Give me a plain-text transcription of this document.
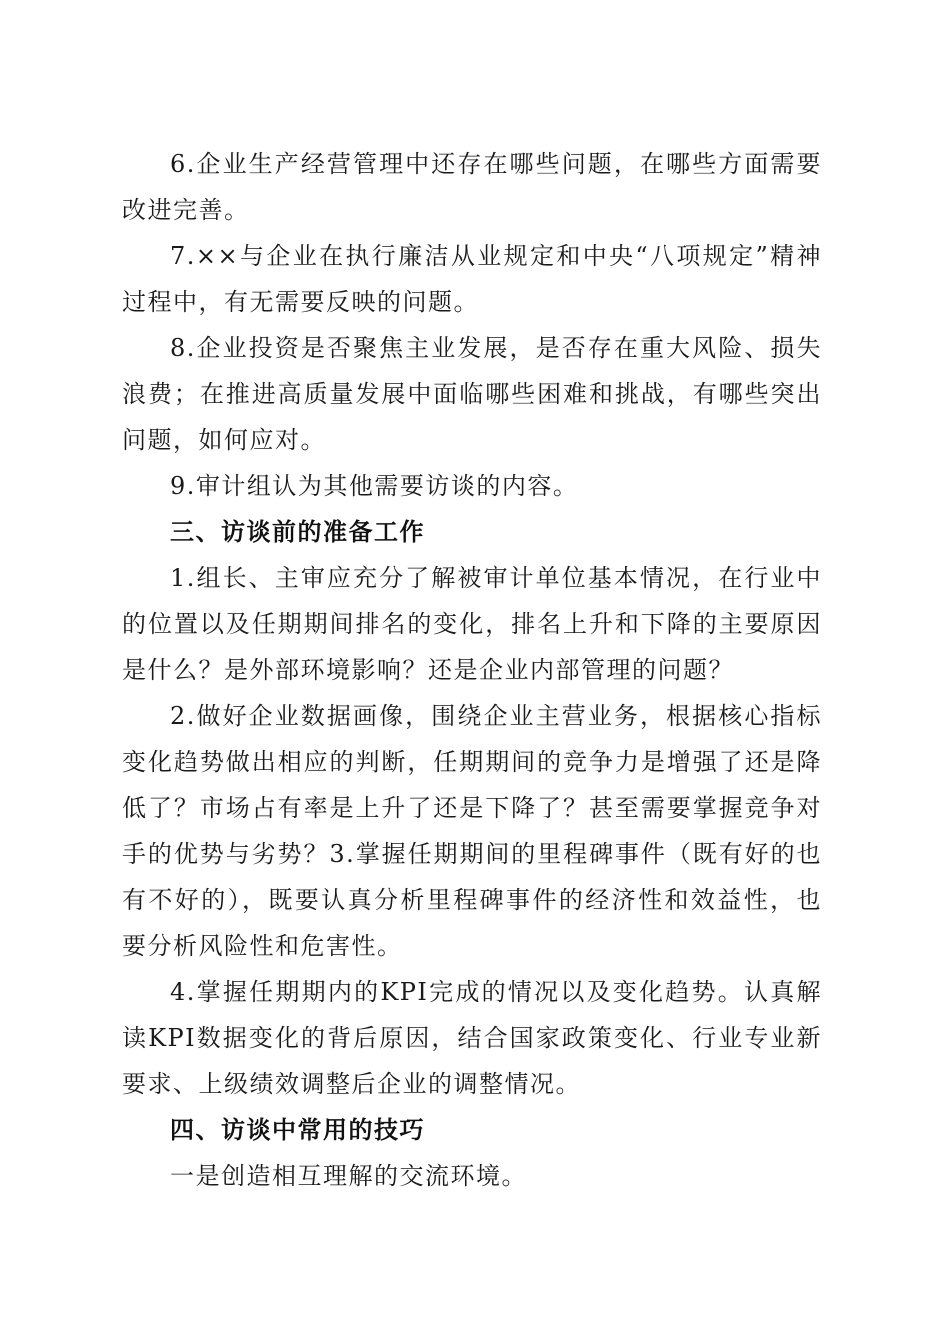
6.企业生产经营管理中还存在哪些问题，在哪些方面需要改进完善。

7.××与企业在执行廉洁从业规定和中央“八项规定”精神过程中，有无需要反映的问题。

8.企业投资是否聚焦主业发展，是否存在重大风险、损失浪费；在推进高质量发展中面临哪些困难和挑战，有哪些突出问题，如何应对。

9.审计组认为其他需要访谈的内容。

三、访谈前的准备工作

1.组长、主审应充分了解被审计单位基本情况，在行业中的位置以及任期期间排名的变化，排名上升和下降的主要原因是什么？是外部环境影响？还是企业内部管理的问题？

2.做好企业数据画像，围绕企业主营业务，根据核心指标变化趋势做出相应的判断，任期期间的竞争力是增强了还是降低了？市场占有率是上升了还是下降了？甚至需要掌握竞争对手的优势与劣势？3.掌握任期期间的里程碑事件（既有好的也有不好的），既要认真分析里程碑事件的经济性和效益性，也要分析风险性和危害性。

4.掌握任期期内的KPI完成的情况以及变化趋势。认真解读KPI数据变化的背后原因，结合国家政策变化、行业专业新要求、上级绩效调整后企业的调整情况。

四、访谈中常用的技巧

一是创造相互理解的交流环境。
